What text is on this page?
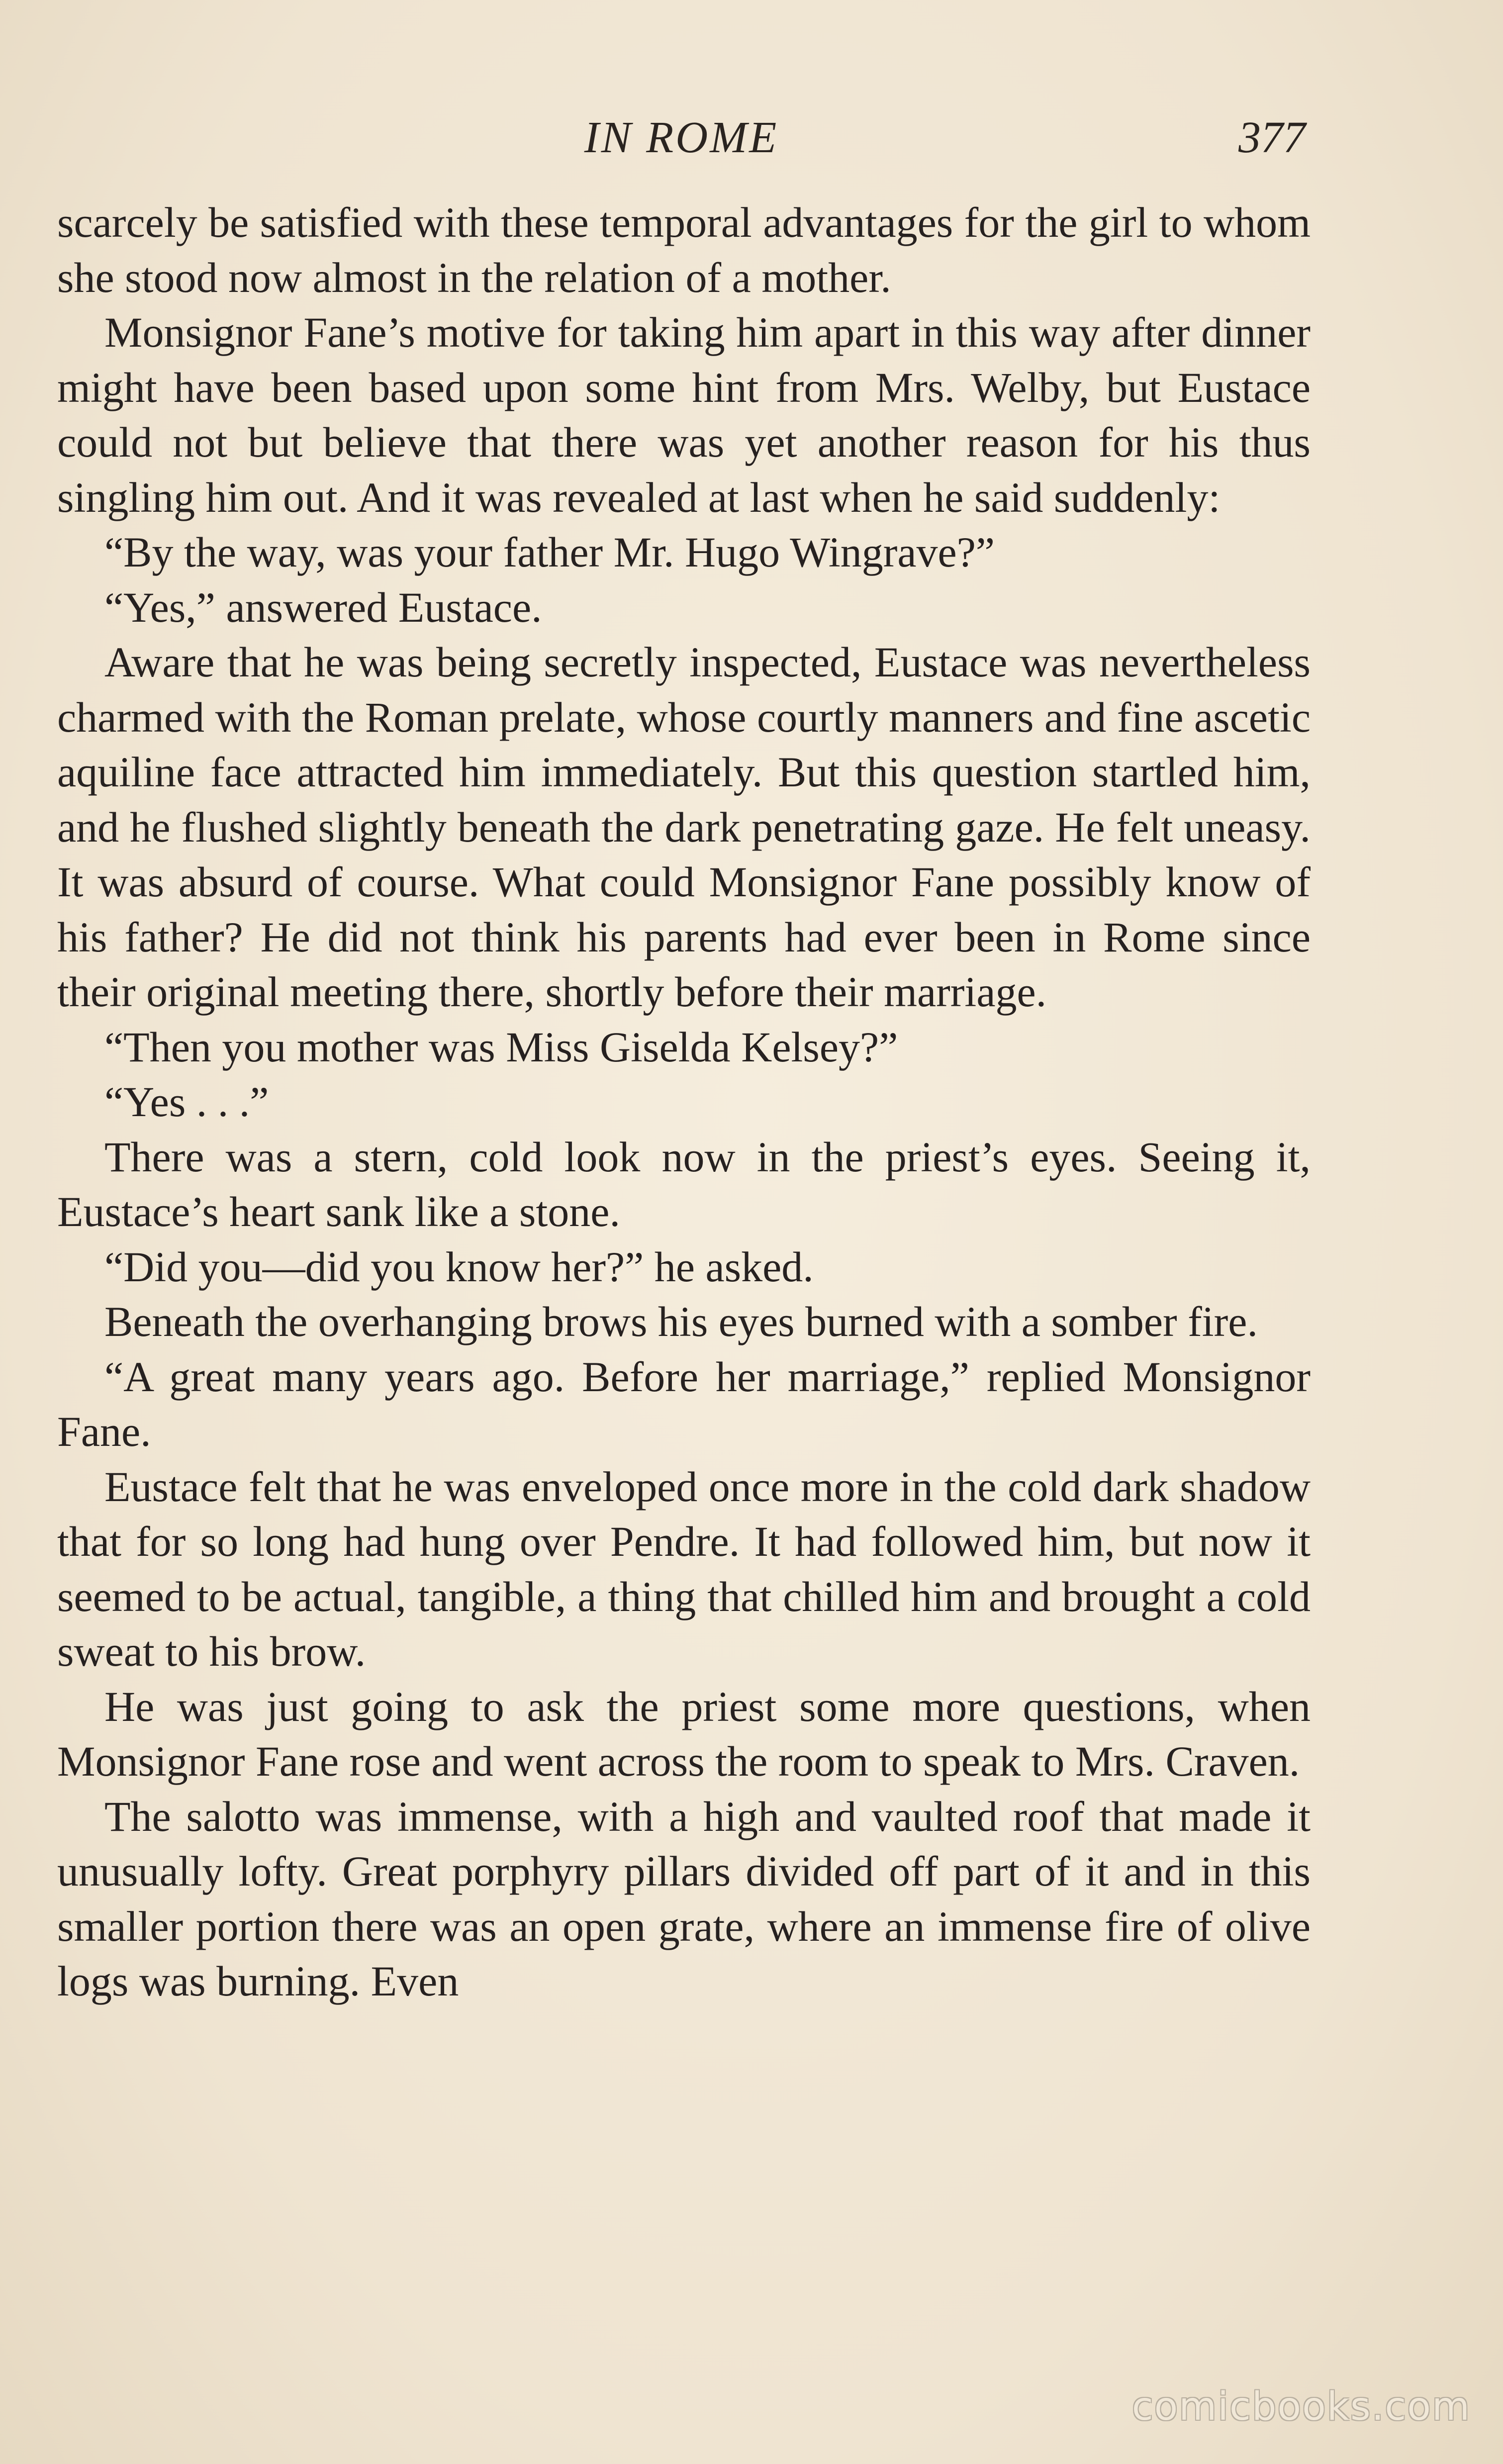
IN ROME	377

scarcely be satisfied with these temporal advantages for the girl to whom she stood now almost in the relation of a mother.

Monsignor Fane’s motive for taking him apart in this way after dinner might have been based upon some hint from Mrs. Welby, but Eustace could not but believe that there was yet another reason for his thus singling him out. And it was revealed at last when he said suddenly:

“By the way, was your father Mr. Hugo Wingrave?”

“Yes,” answered Eustace.

Aware that he was being secretly inspected, Eustace was nevertheless charmed with the Roman prelate, whose courtly manners and fine ascetic aquiline face attracted him immediately. But this question startled him, and he flushed slightly beneath the dark penetrating gaze. He felt uneasy. It was absurd of course. What could Monsignor Fane possibly know of his father? He did not think his parents had ever been in Rome since their original meeting there, shortly before their marriage.

“Then you mother was Miss Giselda Kelsey?”

“Yes . . .”

There was a stern, cold look now in the priest’s eyes. Seeing it, Eustace’s heart sank like a stone.

“Did you—did you know her?” he asked.

Beneath the overhanging brows his eyes burned with a somber fire.

“A great many years ago. Before her marriage,” replied Monsignor Fane.

Eustace felt that he was enveloped once more in the cold dark shadow that for so long had hung over Pendre. It had followed him, but now it seemed to be actual, tangible, a thing that chilled him and brought a cold sweat to his brow.

He was just going to ask the priest some more questions, when Monsignor Fane rose and went across the room to speak to Mrs. Craven.

The salotto was immense, with a high and vaulted roof that made it unusually lofty. Great porphyry pillars divided off part of it and in this smaller portion there was an open grate, where an immense fire of olive logs was burning. Even

comicbooks.com
